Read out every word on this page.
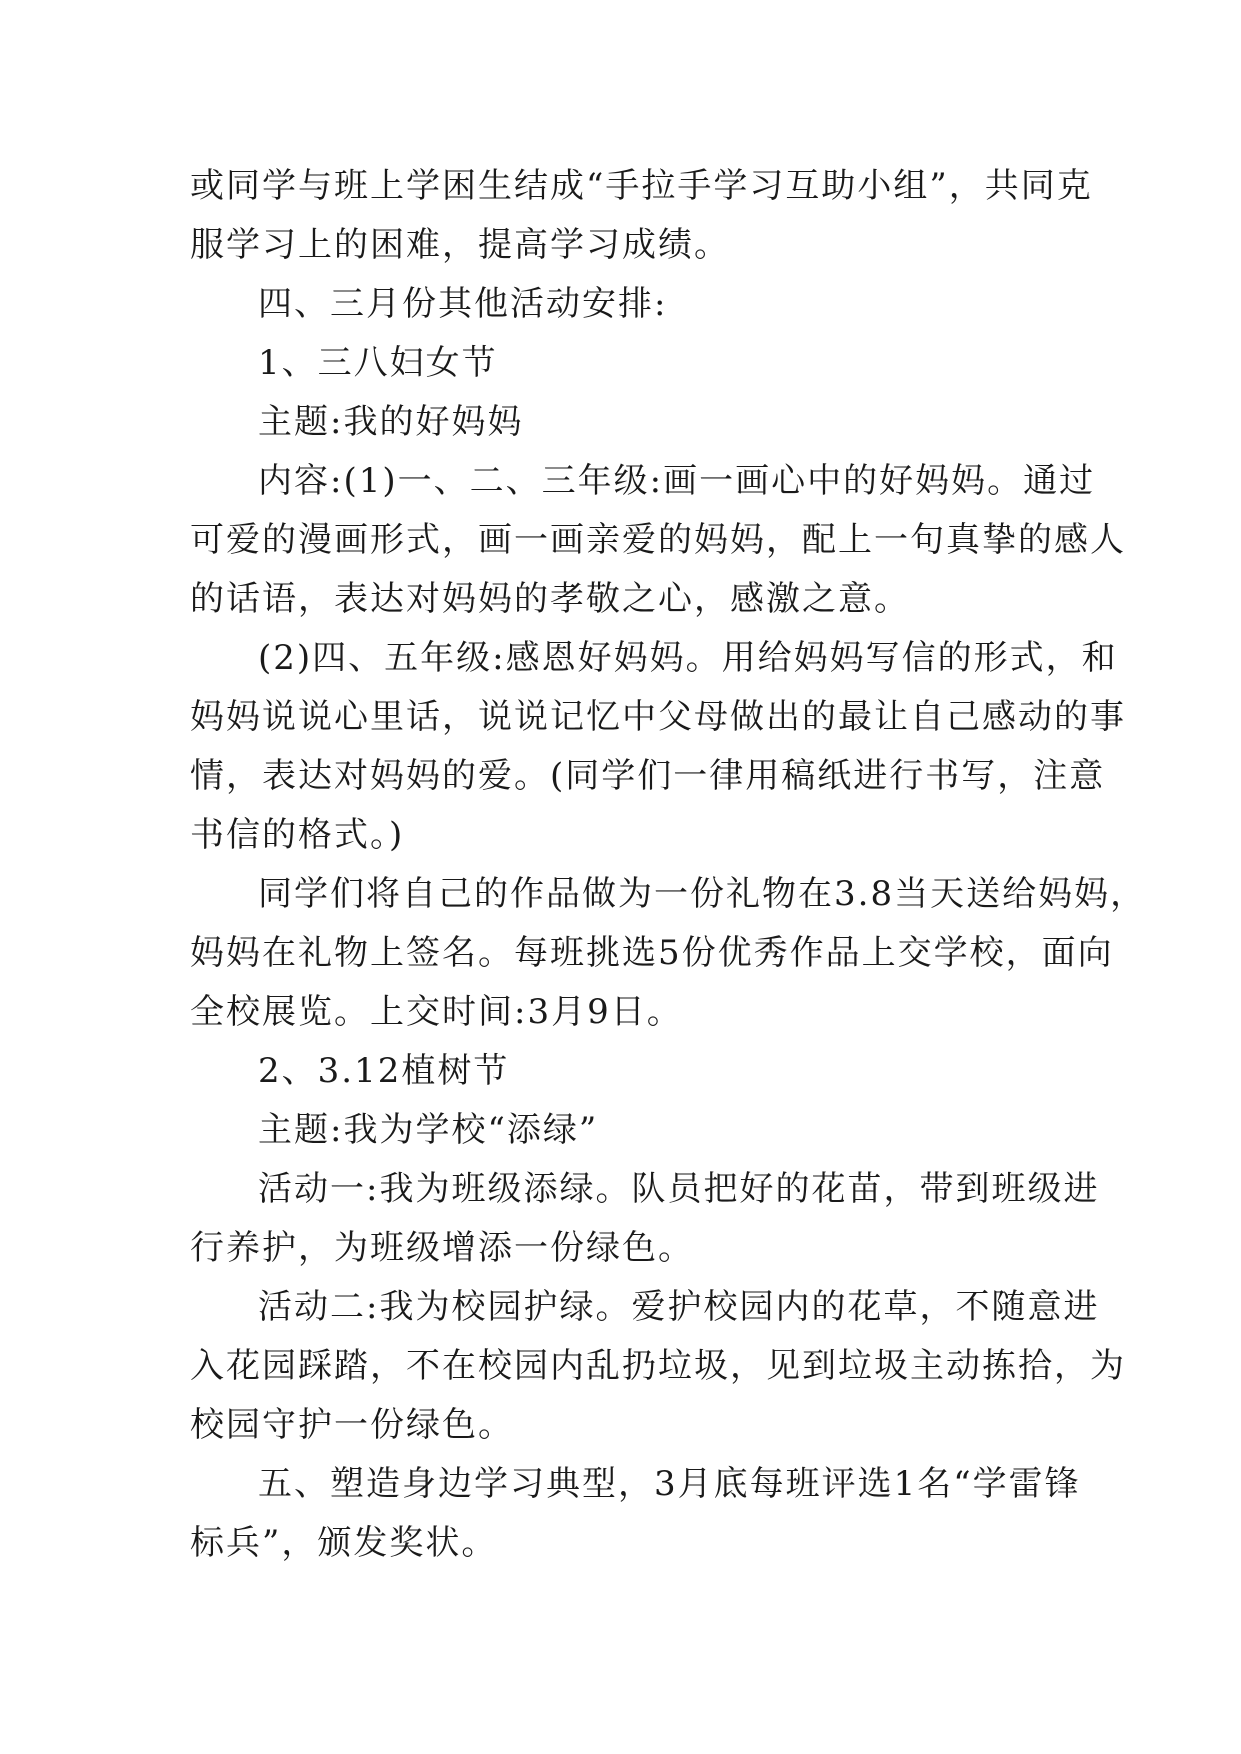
或同学与班上学困生结成“手拉手学习互助小组”，共同克
服学习上的困难，提高学习成绩。
四、三月份其他活动安排:
1、三八妇女节
主题:我的好妈妈
内容:(1)一、二、三年级:画一画心中的好妈妈。通过
可爱的漫画形式，画一画亲爱的妈妈，配上一句真挚的感人
的话语，表达对妈妈的孝敬之心，感激之意。
(2)四、五年级:感恩好妈妈。用给妈妈写信的形式，和
妈妈说说心里话，说说记忆中父母做出的最让自己感动的事
情，表达对妈妈的爱。(同学们一律用稿纸进行书写，注意
书信的格式。)
同学们将自己的作品做为一份礼物在3.8当天送给妈妈，
妈妈在礼物上签名。每班挑选5份优秀作品上交学校，面向
全校展览。上交时间:3月9日。
2、3.12植树节
主题:我为学校“添绿”
活动一:我为班级添绿。队员把好的花苗，带到班级进
行养护，为班级增添一份绿色。
活动二:我为校园护绿。爱护校园内的花草，不随意进
入花园踩踏，不在校园内乱扔垃圾，见到垃圾主动拣拾，为
校园守护一份绿色。
五、塑造身边学习典型，3月底每班评选1名“学雷锋
标兵”，颁发奖状。
